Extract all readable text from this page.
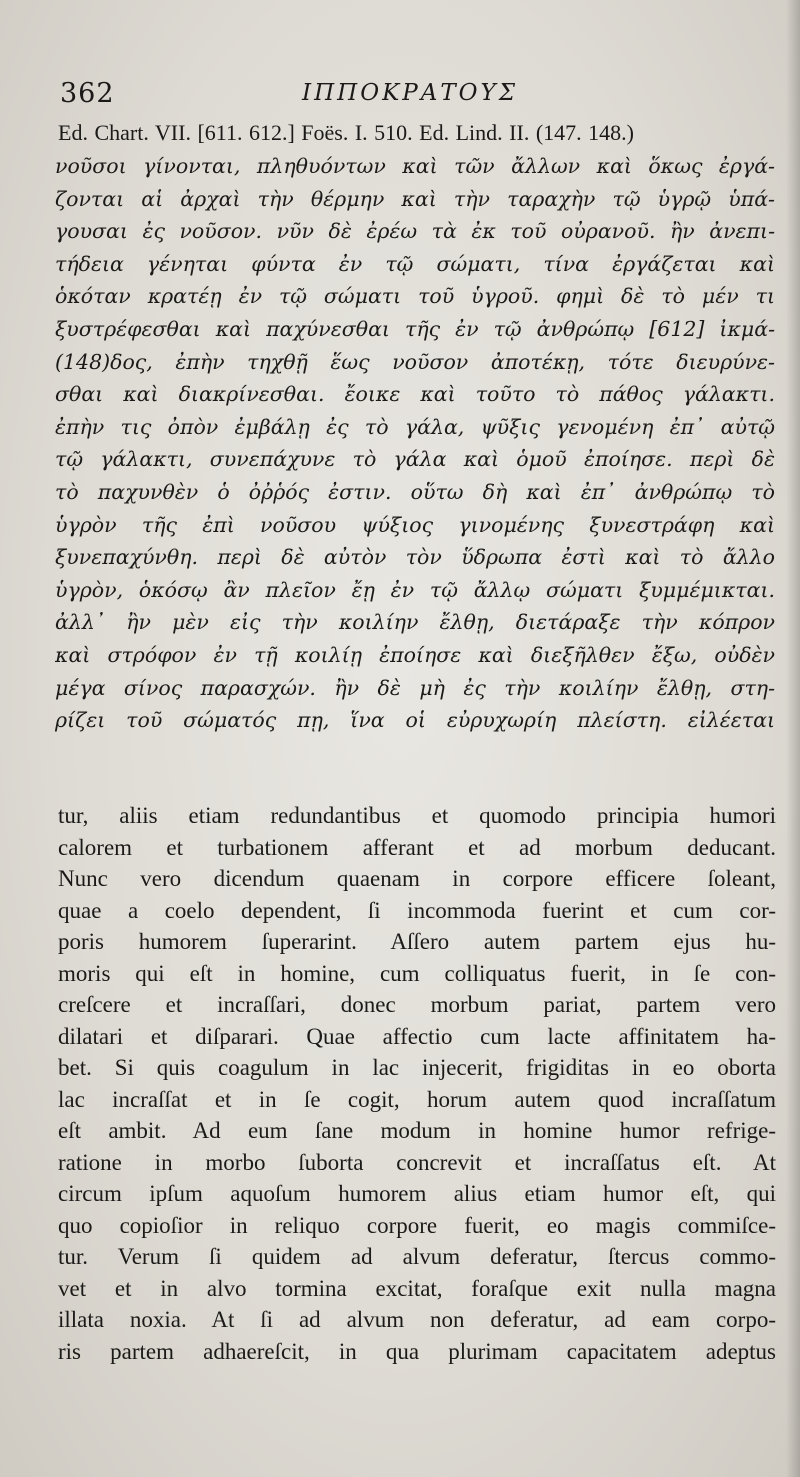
362	ΙΠΠΟΚΡΑΤΟΥΣ
Ed. Chart. VII. [611. 612.] Foës. I. 510. Ed. Lind. II. (147. 148.)
νοῦσοι γίνονται, πληθυόντων καὶ τῶν ἄλλων καὶ ὅκως ἐργά-
ζονται αἱ ἀρχαὶ τὴν θέρμην καὶ τὴν ταραχὴν τῷ ὑγρῷ ὑπά-
γουσαι ἐς νοῦσον. νῦν δὲ ἐρέω τὰ ἐκ τοῦ οὐρανοῦ. ἢν ἀνεπι-
τήδεια γένηται φύντα ἐν τῷ σώματι, τίνα ἐργάζεται καὶ
ὁκόταν κρατέῃ ἐν τῷ σώματι τοῦ ὑγροῦ. φημὶ δὲ τὸ μέν τι
ξυστρέφεσθαι καὶ παχύνεσθαι τῆς ἐν τῷ ἀνθρώπῳ [612] ἰκμά-
(148)δος, ἐπὴν τηχθῇ ἕως νοῦσον ἀποτέκῃ, τότε διευρύνε-
σθαι καὶ διακρίνεσθαι. ἔοικε καὶ τοῦτο τὸ πάθος γάλακτι.
ἐπὴν τις ὀπὸν ἐμβάλῃ ἐς τὸ γάλα, ψῦξις γενομένη ἐπ᾽ αὐτῷ
τῷ γάλακτι, συνεπάχυνε τὸ γάλα καὶ ὁμοῦ ἐποίησε. περὶ δὲ
τὸ παχυνθὲν ὁ ὀῤῥός ἐστιν. οὕτω δὴ καὶ ἐπ᾽ ἀνθρώπῳ τὸ
ὑγρὸν τῆς ἐπὶ νοῦσου ψύξιος γινομένης ξυνεστράφη καὶ
ξυνεπαχύνθη. περὶ δὲ αὐτὸν τὸν ὕδρωπα ἐστὶ καὶ τὸ ἄλλο
ὑγρὸν, ὁκόσῳ ἂν πλεῖον ἔῃ ἐν τῷ ἄλλῳ σώματι ξυμμέμικται.
ἀλλ᾽ ἢν μὲν εἰς τὴν κοιλίην ἔλθῃ, διετάραξε τὴν κόπρον
καὶ στρόφον ἐν τῇ κοιλίῃ ἐποίησε καὶ διεξῆλθεν ἔξω, οὐδὲν
μέγα σίνος παρασχών. ἢν δὲ μὴ ἐς τὴν κοιλίην ἔλθῃ, στη-
ρίζει τοῦ σώματός πῃ, ἵνα οἱ εὐρυχωρίη πλείστη. εἰλέεται
tur, aliis etiam redundantibus et quomodo principia humori
calorem et turbationem afferant et ad morbum deducant.
Nunc vero dicendum quaenam in corpore efficere ſoleant,
quae a coelo dependent, ſi incommoda fuerint et cum cor-
poris humorem ſuperarint. Aſſero autem partem ejus hu-
moris qui eſt in homine, cum colliquatus fuerit, in ſe con-
creſcere et incraſſari, donec morbum pariat, partem vero
dilatari et diſparari. Quae affectio cum lacte affinitatem ha-
bet. Si quis coagulum in lac injecerit, frigiditas in eo oborta
lac incraſſat et in ſe cogit, horum autem quod incraſſatum
eſt ambit. Ad eum ſane modum in homine humor refrige-
ratione in morbo ſuborta concrevit et incraſſatus eſt. At
circum ipſum aquoſum humorem alius etiam humor eſt, qui
quo copioſior in reliquo corpore fuerit, eo magis commiſce-
tur. Verum ſi quidem ad alvum deferatur, ſtercus commo-
vet et in alvo tormina excitat, foraſque exit nulla magna
illata noxia. At ſi ad alvum non deferatur, ad eam corpo-
ris partem adhaereſcit, in qua plurimam capacitatem adeptus
